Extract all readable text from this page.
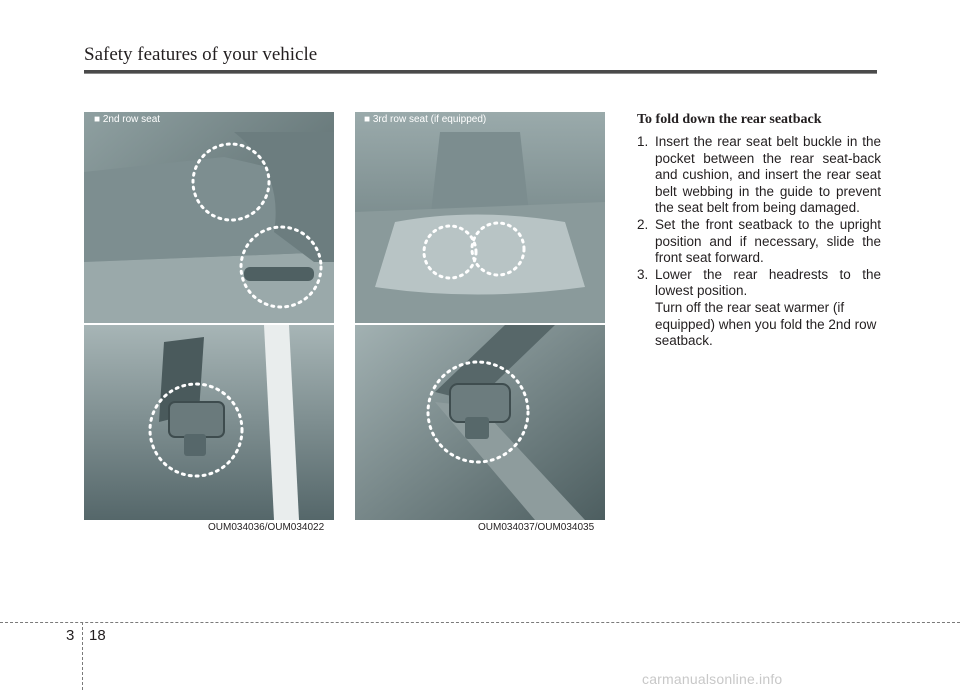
Safety features of your vehicle
■ 2nd row seat
OUM034036/OUM034022
■ 3rd row seat (if equipped)
OUM034037/OUM034035
To fold down the rear seatback
1. Insert the rear seat belt buckle in the pocket between the rear seat-back and cushion, and insert the rear seat belt webbing in the guide to prevent the seat belt from being damaged.
2. Set the front seatback to the upright position and if necessary, slide the front seat forward.
3. Lower the rear headrests to the lowest position.
Turn off the rear seat warmer (if equipped) when you fold the 2nd row seatback.
3 18
carmanualsonline.info
